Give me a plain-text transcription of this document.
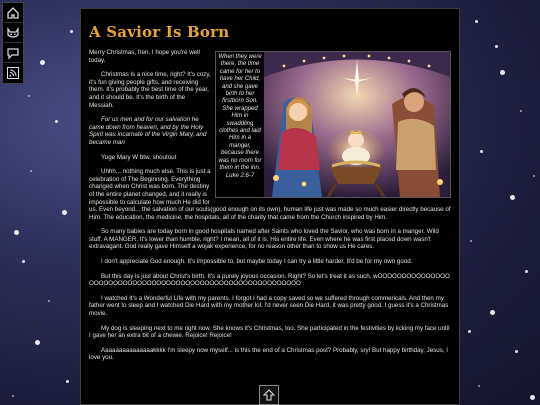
A Savior Is Born
When they were there, the time came for her to have her Child, and she gave birth to her firstborn Son. She wrapped Him in swaddling clothes and laid Him in a manger, because there was no room for them in the inn. Luke 2:6-7

Merry Christmas, fren. I hope you're well today.

Christmas is a nice time, right? It's cozy, it's fun giving people gifts, and receiving them. It's probably the best time of the year, and it should be. It's the birth of the Messiah.

For us men and for our salvation he came down from heaven, and by the Holy Spirit was incarnate of the Virgin Mary, and became man

Yuge Mary W btw, shoutout

Uhhh... nothing much else. This is just a celebration of The Beginning. Everything changed when Christ was born. The destiny of the entire planet changed, and it really is impossible to calculate how much He did for us. Even beyond... the salvation of our souls(good enough on its own), human life just was made so much easier directly because of Him. The education, the medicine, the hospitals, all of the charity that came from the Church inspired by Him.

So many babies are today born in good hospitals named after Saints who loved the Savior, who was born in a manger. Wild stuff. A MANGER. It's lower than humble, right? I mean, all of it is. His entire life. Even where he was first placed down wasn't extravagant. God really gave Himself a wojak experience, for no reason other than to show us He cares.

I don't appreciate God enough. It's impossible to, but maybe today I can try a little harder. It'd be for my own good.

But this day is just about Christ's birth. It's a purely joyous occasion. Right? So let's treat it as such. wOOOOOOOOOOOOOOOOOOOOOOOOOOOOOOOOOOOOOOOOOOOOOOOOOOOOOOOOOOO

I watched It's a Wonderful Life with my parents. I forgot I had a copy saved so we suffered through commericals. And then my father went to sleep and I watched Die Hard with my mother lol. I'd never seen Die Hard, it was pretty good. I guess it's a Christmas movie.

My dog is sleeping next to me right now. She knows it's Christmas, too. She participated in the festivities by licking my face until I gave her an extra bit of a chewie. Rejoice! Rejoice!

Aaaaaaaaaaaaaaakkkk I'm sleepy now myself... is this the end of a Christmas post? Probably, sry! But happy birthday, Jesus, I love you.
